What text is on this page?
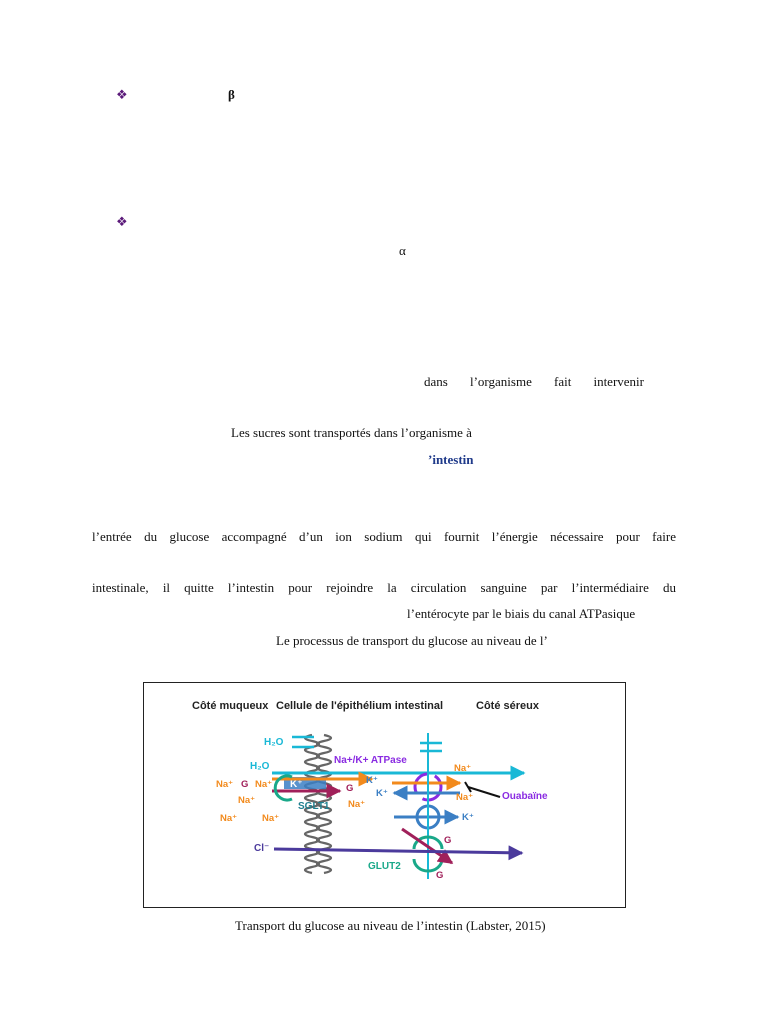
❖	β
❖
α
dans l’organisme fait intervenir
Les sucres sont transportés dans l’organisme à
’intestin
l’entrée du glucose accompagné d’un ion sodium qui fournit l’énergie nécessaire pour faire
intestinale, il quitte l’intestin pour rejoindre la circulation sanguine par l’intermédiaire du
l’entérocyte par le biais du canal ATPasique
Le processus de transport du glucose au niveau de l’
Côté muqueux Cellule de l'épithélium intestinal	Côté séreux
H₂O
H₂O
Na+/K+ ATPase
Na⁺
Na⁺ G Na⁺ K⁺	G
SGLT1
K⁺
K⁺	Na⁺	Ouabaïne
Na⁺	Na⁺
Na⁺	Na⁺	K⁺
G
GLUT2
G
Cl⁻
Transport du glucose au niveau de l’intestin (Labster, 2015)
